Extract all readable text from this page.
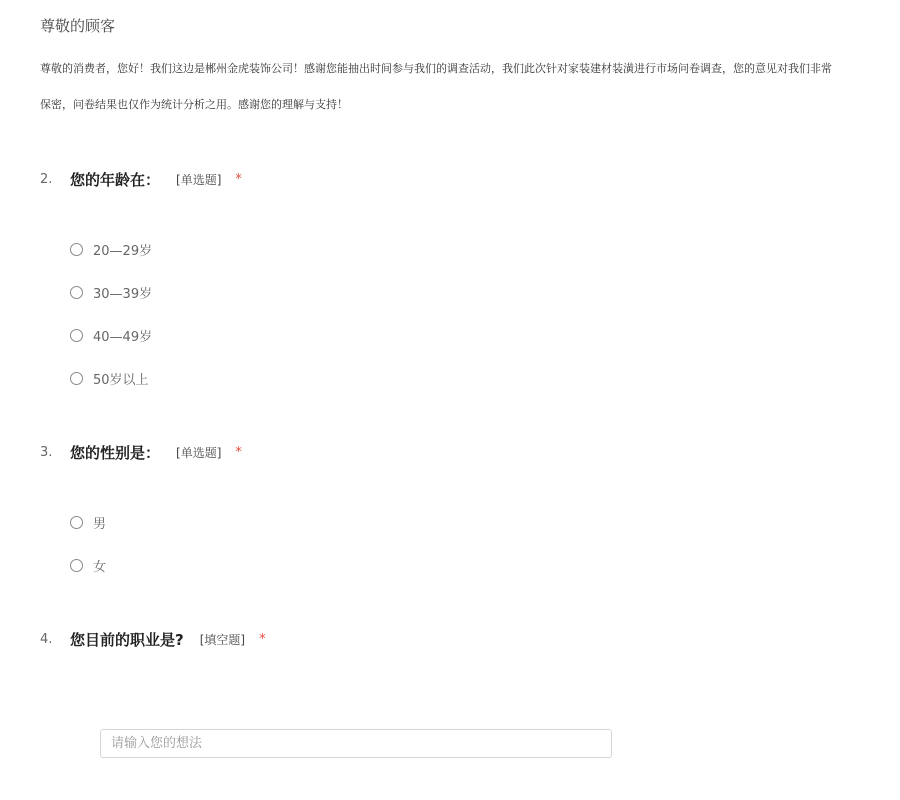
尊敬的顾客

尊敬的消费者，您好！我们这边是郴州金虎装饰公司！感谢您能抽出时间参与我们的调查活动，我们此次针对家装建材装潢进行市场问卷调查，您的意见对我们非常

保密，问卷结果也仅作为统计分析之用。感谢您的理解与支持！

2.	您的年龄在： [单选题] *
20—29岁
30—39岁
40—49岁
50岁以上
3.	您的性别是： [单选题] *
男
女
4.	您目前的职业是? [填空题] *
请输入您的想法
